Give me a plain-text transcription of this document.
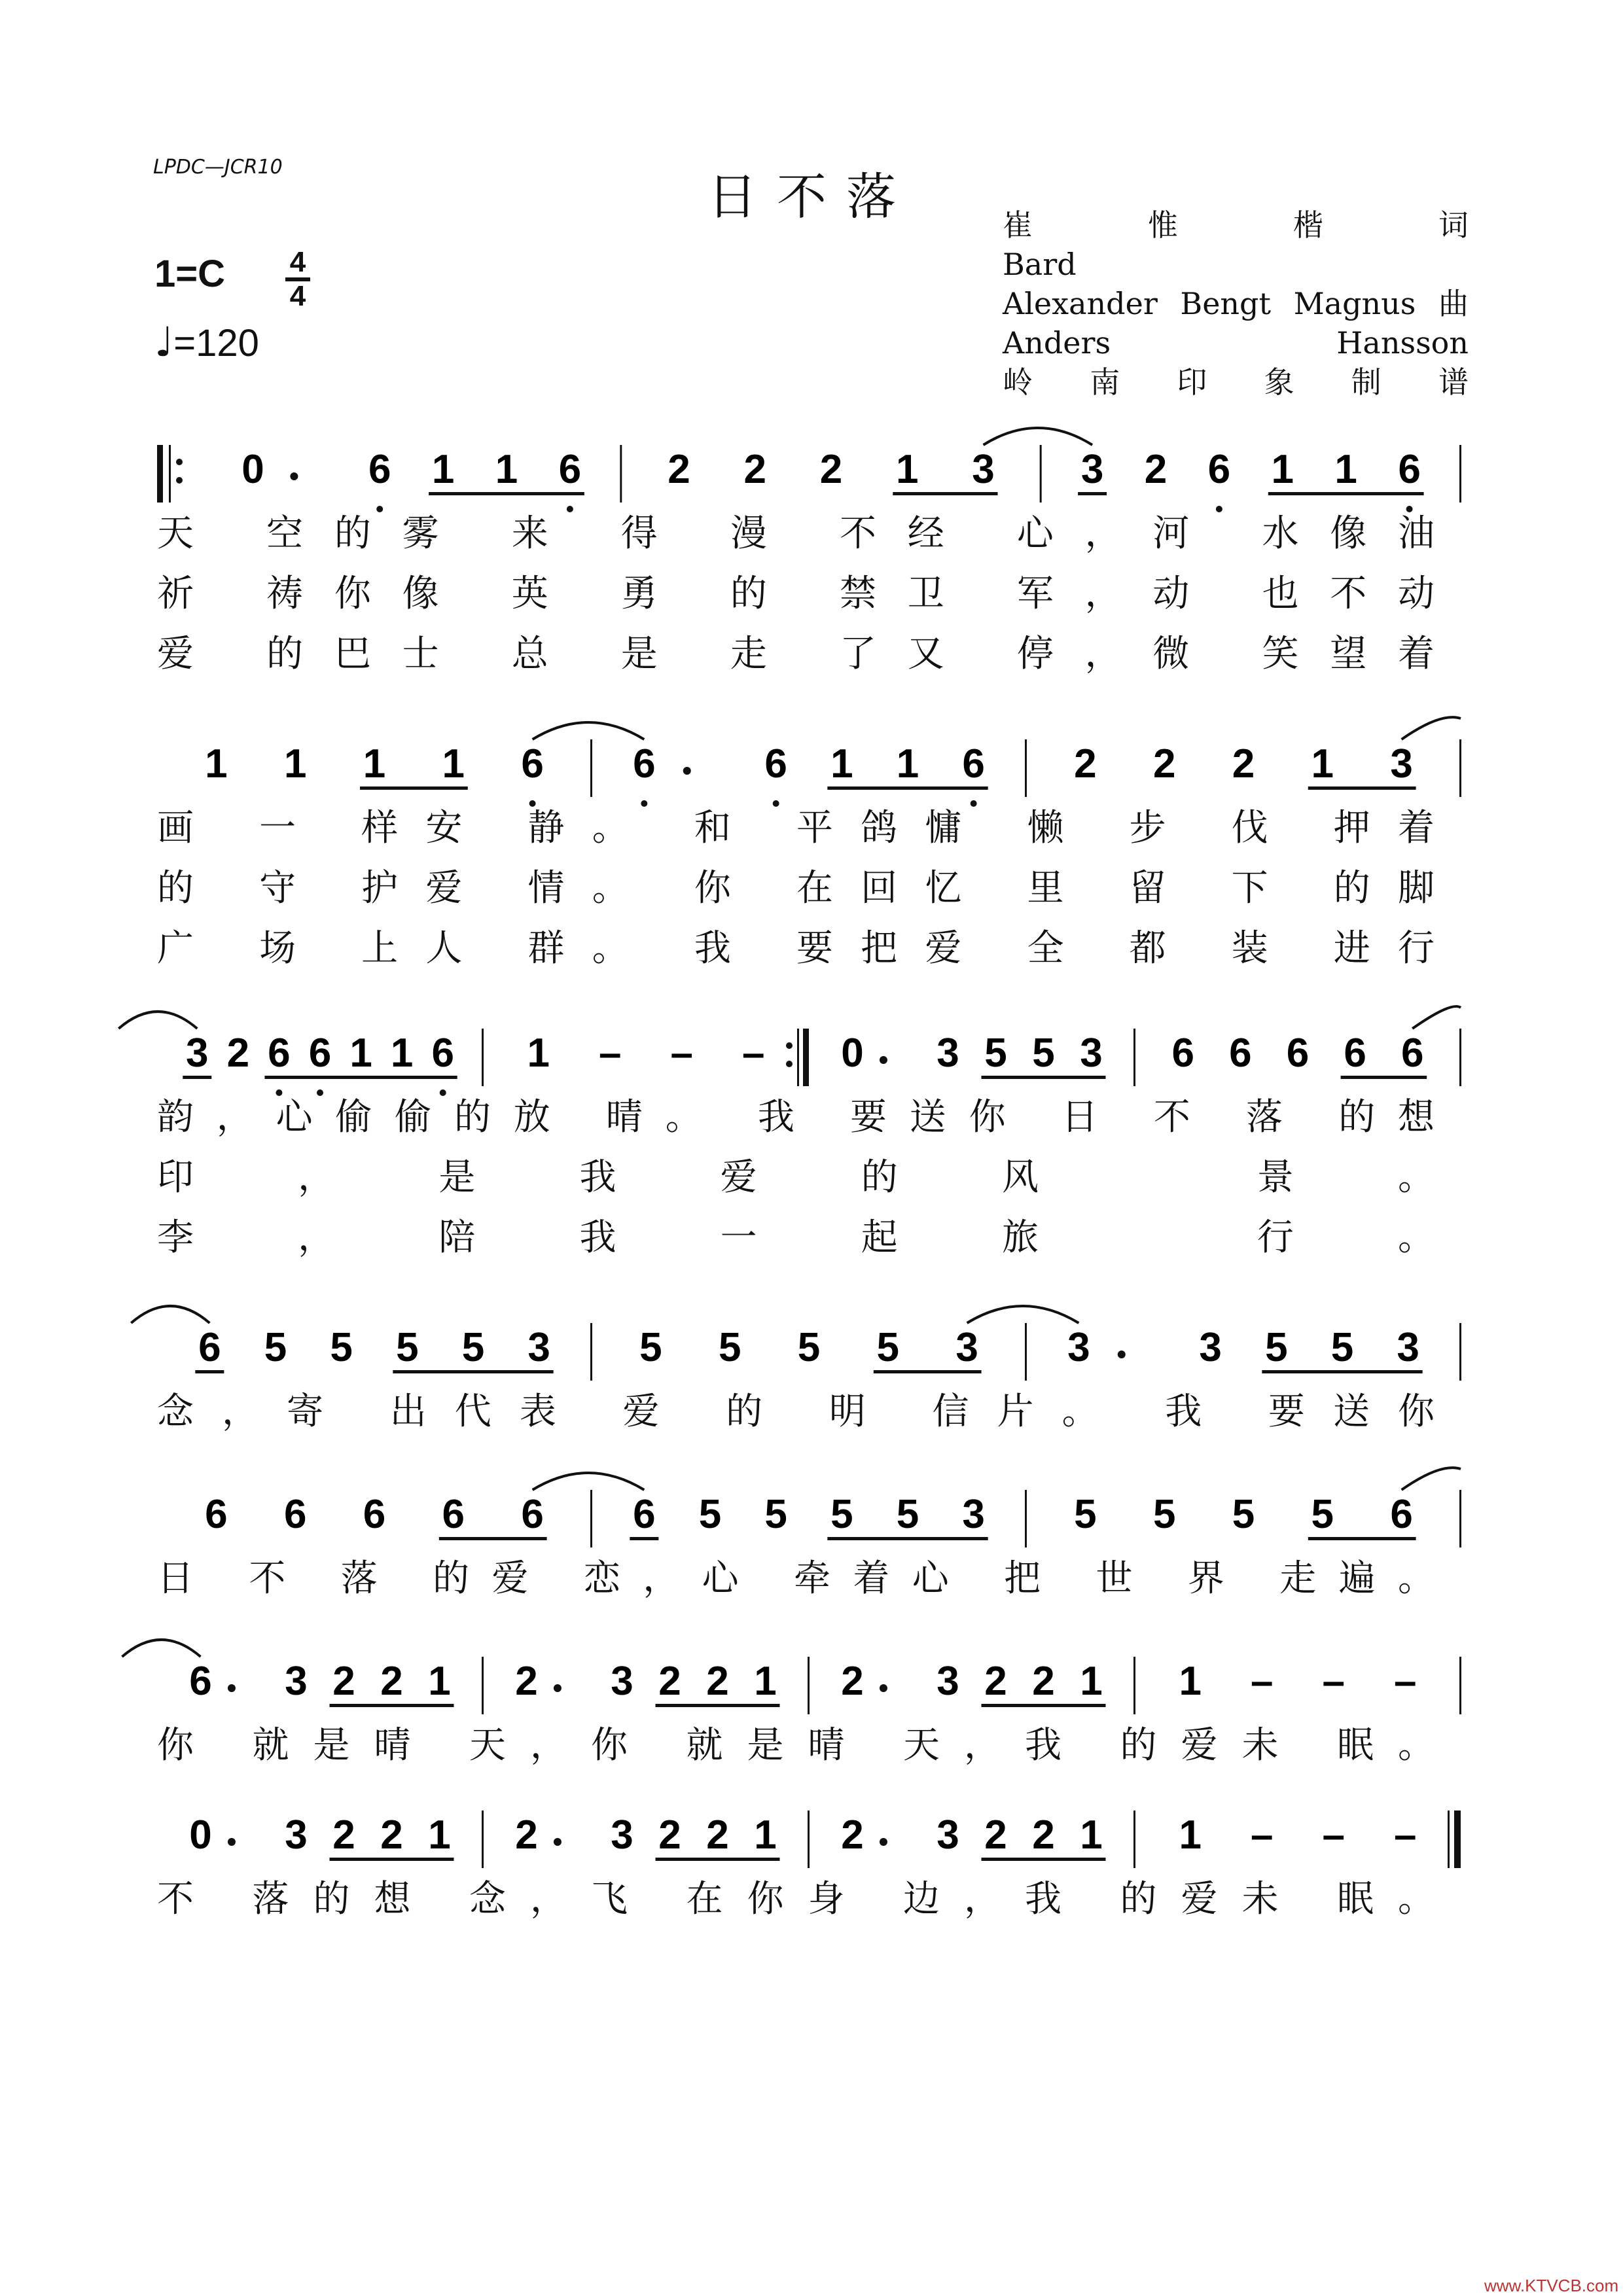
LPDC—JCR10
日不落
1=C 4
4
♩=120
崔惟楷词
Bard
Alexander Bengt Magnus 曲
Anders Hansson
岭南印象制谱
0	6 1 1 6 2 2 2 1 3 3 2 6 1 1 6
天 空的雾 来 得 漫 不经 心，河 水像油
祈 祷你像 英 勇 的 禁卫 军，动 也不动
爱 的巴士 总 是 走 了又 停，微 笑望着
1 1 1 1 6 6	6 1 1 6 2 2 2 1 3
画 一 样安 静。 和 平鸽慵 懒 步 伐 押着
的 守 护爱 情。 你 在回忆 里 留 下 的脚
广 场 上人 群。 我 要把爱 全 都 装 进行
3 2 6 6 1 1 6 1 – – – 0 3 5 5 3 6 6 6 6 6
韵，心偷偷的放 晴。 我 要送你 日 不 落 的想
印，是我爱的风 景。
李，陪我一起旅 行。
6 5 5 5 5 3 5 5 5 5 3 3	3 5 5 3
念，寄 出代表 爱 的 明 信片。 我 要送你
6 6 6 6 6 6 5 5 5 5 3 5 5 5 5 6
日 不 落 的爱 恋，心 牵着心 把 世 界 走遍。
6 3 2 2 1 2 3 2 2 1 2 3 2 2 1 1 – – –
你 就是晴 天，你 就是晴 天，我 的爱未 眠。
0 3 2 2 1 2 3 2 2 1 2 3 2 2 1 1 – – –
不 落的想 念，飞 在你身 边，我 的爱未 眠。
www.KTVCB.com
